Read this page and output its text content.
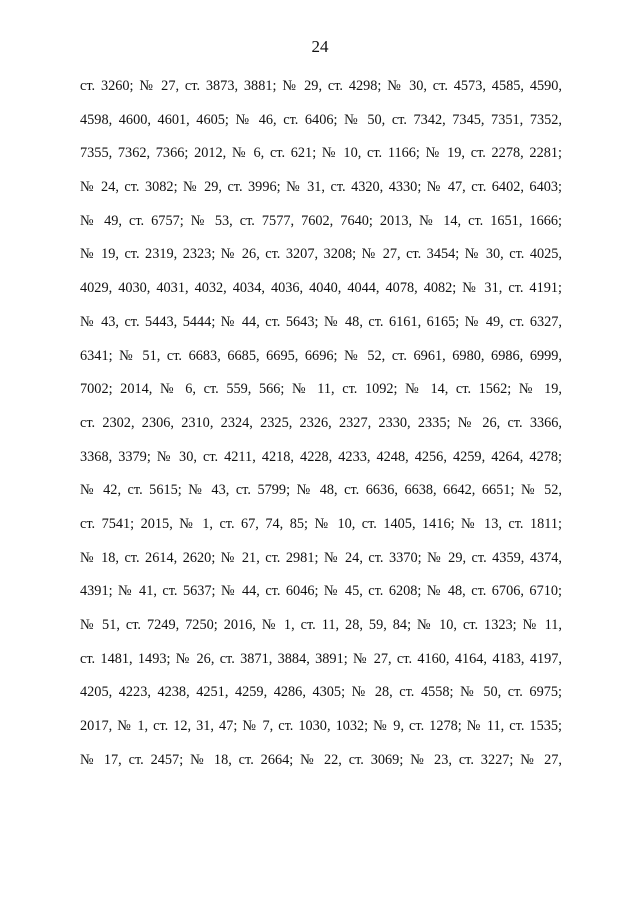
24
ст. 3260; № 27, ст. 3873, 3881; № 29, ст. 4298; № 30, ст. 4573, 4585, 4590,
4598, 4600, 4601, 4605; № 46, ст. 6406; № 50, ст. 7342, 7345, 7351, 7352,
7355, 7362, 7366; 2012, № 6, ст. 621; № 10, ст. 1166; № 19, ст. 2278, 2281;
№ 24, ст. 3082; № 29, ст. 3996; № 31, ст. 4320, 4330; № 47, ст. 6402, 6403;
№ 49, ст. 6757; № 53, ст. 7577, 7602, 7640; 2013, № 14, ст. 1651, 1666;
№ 19, ст. 2319, 2323; № 26, ст. 3207, 3208; № 27, ст. 3454; № 30, ст. 4025,
4029, 4030, 4031, 4032, 4034, 4036, 4040, 4044, 4078, 4082; № 31, ст. 4191;
№ 43, ст. 5443, 5444; № 44, ст. 5643; № 48, ст. 6161, 6165; № 49, ст. 6327,
6341; № 51, ст. 6683, 6685, 6695, 6696; № 52, ст. 6961, 6980, 6986, 6999,
7002; 2014, № 6, ст. 559, 566; № 11, ст. 1092; № 14, ст. 1562; № 19,
ст. 2302, 2306, 2310, 2324, 2325, 2326, 2327, 2330, 2335; № 26, ст. 3366,
3368, 3379; № 30, ст. 4211, 4218, 4228, 4233, 4248, 4256, 4259, 4264, 4278;
№ 42, ст. 5615; № 43, ст. 5799; № 48, ст. 6636, 6638, 6642, 6651; № 52,
ст. 7541; 2015, № 1, ст. 67, 74, 85; № 10, ст. 1405, 1416; № 13, ст. 1811;
№ 18, ст. 2614, 2620; № 21, ст. 2981; № 24, ст. 3370; № 29, ст. 4359, 4374,
4391; № 41, ст. 5637; № 44, ст. 6046; № 45, ст. 6208; № 48, ст. 6706, 6710;
№ 51, ст. 7249, 7250; 2016, № 1, ст. 11, 28, 59, 84; № 10, ст. 1323; № 11,
ст. 1481, 1493; № 26, ст. 3871, 3884, 3891; № 27, ст. 4160, 4164, 4183, 4197,
4205, 4223, 4238, 4251, 4259, 4286, 4305; № 28, ст. 4558; № 50, ст. 6975;
2017, № 1, ст. 12, 31, 47; № 7, ст. 1030, 1032; № 9, ст. 1278; № 11, ст. 1535;
№ 17, ст. 2457; № 18, ст. 2664; № 22, ст. 3069; № 23, ст. 3227; № 27,
